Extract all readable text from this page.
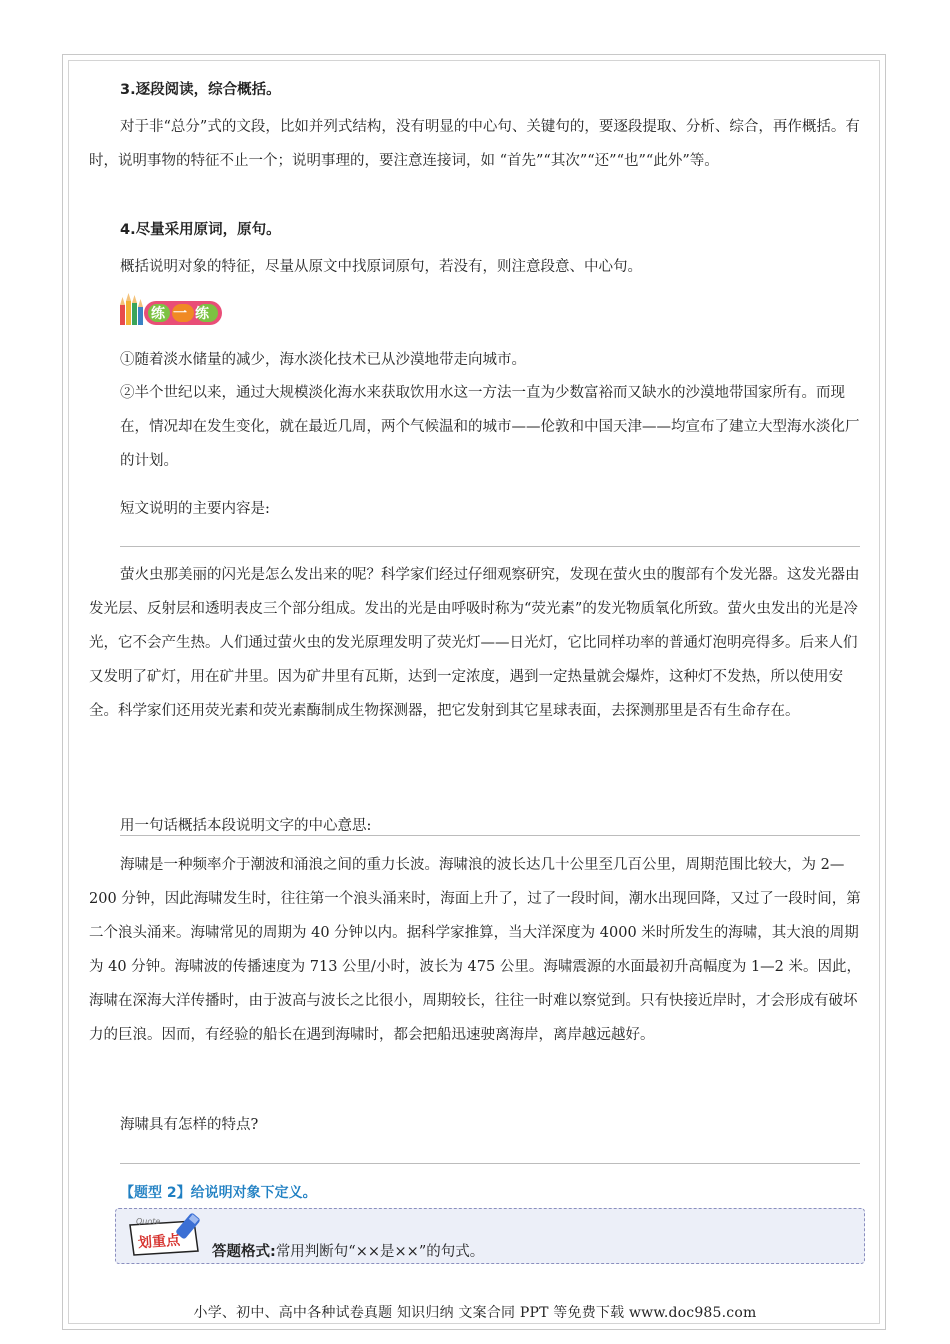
3.逐段阅读，综合概括。
对于非“总分”式的文段，比如并列式结构，没有明显的中心句、关键句的，要逐段提取、分析、综合，再作概括。有时，说明事物的特征不止一个；说明事理的，要注意连接词，如 “首先”“其次”“还”“也”“此外”等。
4.尽量采用原词，原句。
概括说明对象的特征，尽量从原文中找原词原句，若没有，则注意段意、中心句。
练一练
①随着淡水储量的减少，海水淡化技术已从沙漠地带走向城市。
②半个世纪以来，通过大规模淡化海水来获取饮用水这一方法一直为少数富裕而又缺水的沙漠地带国家所有。而现在，情况却在发生变化，就在最近几周，两个气候温和的城市——伦敦和中国天津——均宣布了建立大型海水淡化厂的计划。
短文说明的主要内容是:
萤火虫那美丽的闪光是怎么发出来的呢？科学家们经过仔细观察研究，发现在萤火虫的腹部有个发光器。这发光器由发光层、反射层和透明表皮三个部分组成。发出的光是由呼吸时称为“荧光素”的发光物质氧化所致。萤火虫发出的光是冷光，它不会产生热。人们通过萤火虫的发光原理发明了荧光灯——日光灯，它比同样功率的普通灯泡明亮得多。后来人们又发明了矿灯，用在矿井里。因为矿井里有瓦斯，达到一定浓度，遇到一定热量就会爆炸，这种灯不发热，所以使用安全。科学家们还用荧光素和荧光素酶制成生物探测器，把它发射到其它星球表面，去探测那里是否有生命存在。
用一句话概括本段说明文字的中心意思:
海啸是一种频率介于潮波和涌浪之间的重力长波。海啸浪的波长达几十公里至几百公里，周期范围比较大，为 2—200 分钟，因此海啸发生时，往往第一个浪头涌来时，海面上升了，过了一段时间，潮水出现回降，又过了一段时间，第二个浪头涌来。海啸常见的周期为 40 分钟以内。据科学家推算，当大洋深度为 4000 米时所发生的海啸，其大浪的周期为 40 分钟。海啸波的传播速度为 713 公里/小时，波长为 475 公里。海啸震源的水面最初升高幅度为 1—2 米。因此，海啸在深海大洋传播时，由于波高与波长之比很小，周期较长，往往一时难以察觉到。只有快接近岸时，才会形成有破坏力的巨浪。因而，有经验的船长在遇到海啸时，都会把船迅速驶离海岸，离岸越远越好。
海啸具有怎样的特点?
【题型 2】给说明对象下定义。
Quote
划重点
答题格式:常用判断句“××是××”的句式。
小学、初中、高中各种试卷真题 知识归纳 文案合同 PPT 等免费下载 www.doc985.com
